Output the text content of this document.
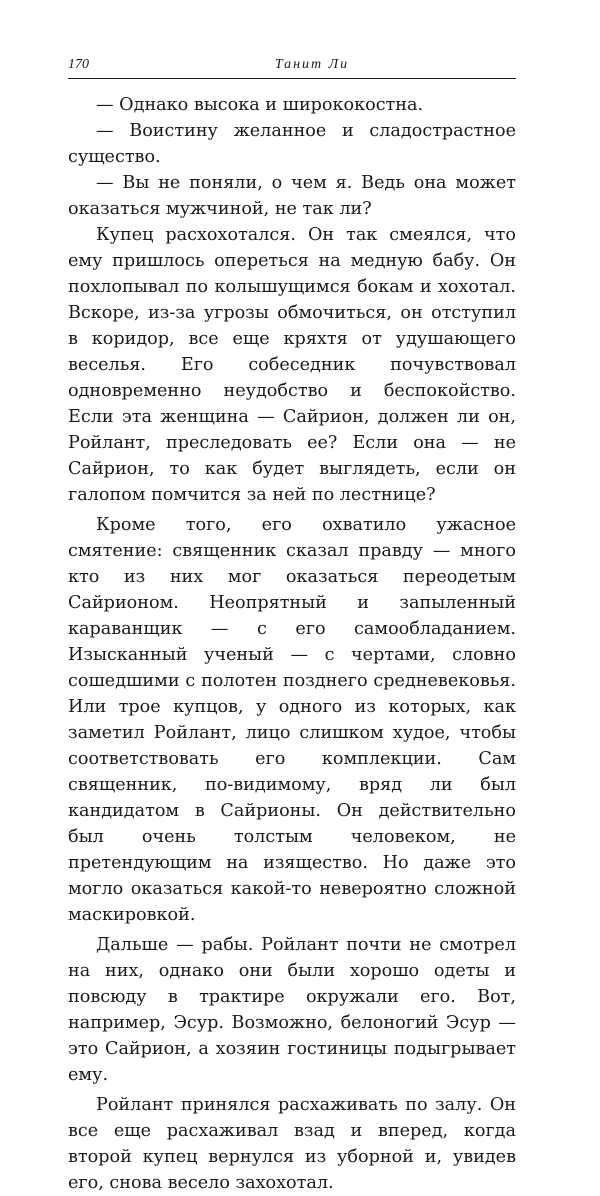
170	Танит Ли

— Однако высока и ширококостна.

— Воистину желанное и сладострастное существо.

— Вы не поняли, о чем я. Ведь она может оказаться мужчиной, не так ли?

Купец расхохотался. Он так смеялся, что ему пришлось опереться на медную бабу. Он похлопывал по колышущимся бокам и хохотал. Вскоре, из-за угрозы обмочиться, он отступил в коридор, все еще кряхтя от удушающего веселья. Его собеседник почувствовал одновременно неудобство и беспокойство. Если эта женщина — Сайрион, должен ли он, Ройлант, преследовать ее? Если она — не Сайрион, то как будет выглядеть, если он галопом помчится за ней по лестнице?

Кроме того, его охватило ужасное смятение: священник сказал правду — много кто из них мог оказаться переодетым Сайрионом. Неопрятный и запыленный караванщик — с его самообладанием. Изысканный ученый — с чертами, словно сошедшими с полотен позднего средневековья. Или трое купцов, у одного из которых, как заметил Ройлант, лицо слишком худое, чтобы соответствовать его комплекции. Сам священник, по-видимому, вряд ли был кандидатом в Сайрионы. Он действительно был очень толстым человеком, не претендующим на изящество. Но даже это могло оказаться какой-то невероятно сложной маскировкой.

Дальше — рабы. Ройлант почти не смотрел на них, однако они были хорошо одеты и повсюду в трактире окружали его. Вот, например, Эсур. Возможно, белоногий Эсур — это Сайрион, а хозяин гостиницы подыгрывает ему.

Ройлант принялся расхаживать по залу. Он все еще расхаживал взад и вперед, когда второй купец вернулся из уборной и, увидев его, снова весело захохотал.
